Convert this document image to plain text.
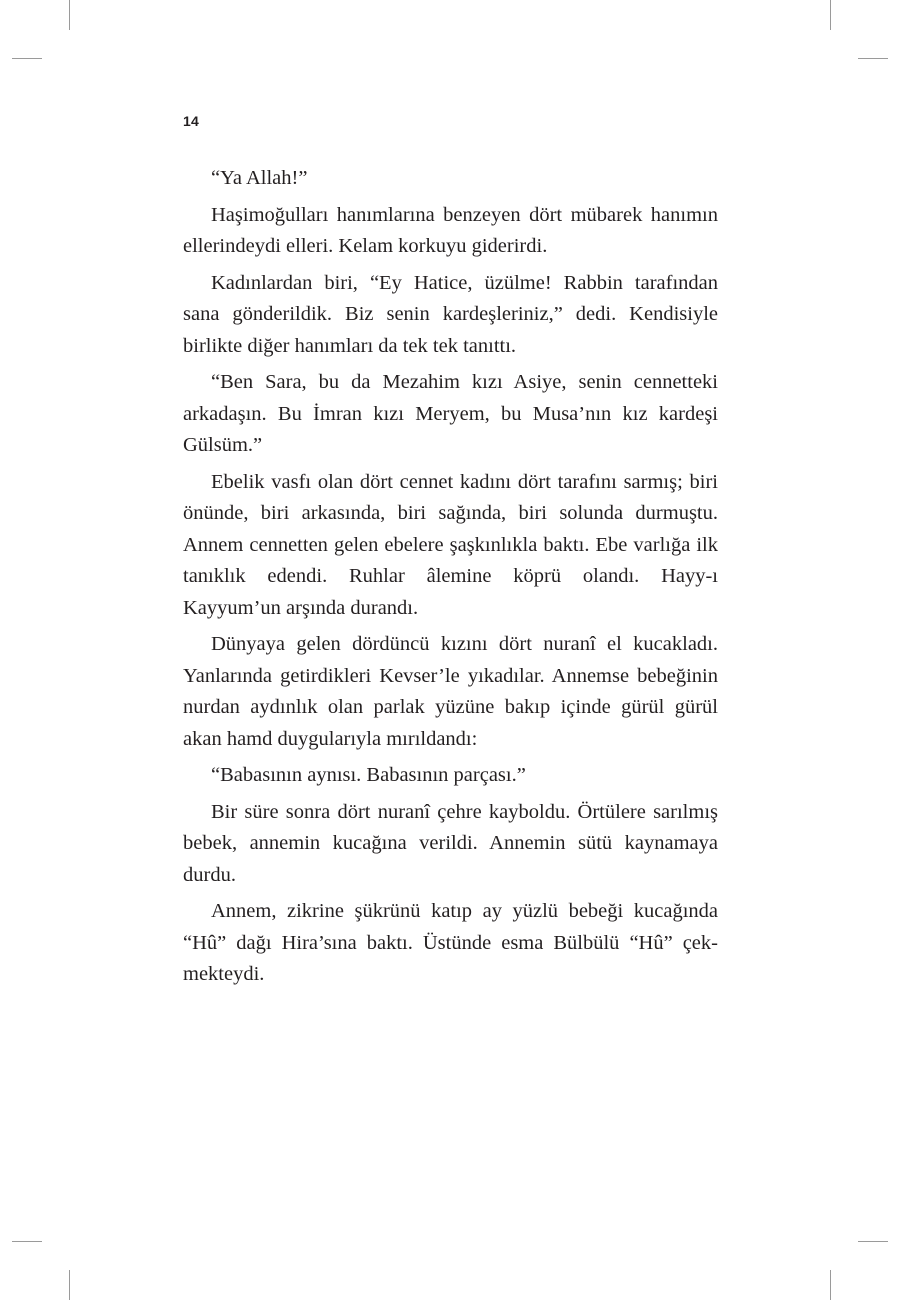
14

“Ya Allah!”

Haşimoğulları hanımlarına benzeyen dört mübarek hanımın ellerindeydi elleri. Kelam korkuyu giderirdi.

Kadınlardan biri, “Ey Hatice, üzülme! Rabbin tarafından sana gönderildik. Biz senin kardeşleriniz,” dedi. Kendisiyle birlikte diğer hanımları da tek tek tanıttı.

“Ben Sara, bu da Mezahim kızı Asiye, senin cennetteki arkadaşın. Bu İmran kızı Meryem, bu Musa’nın kız kardeşi Gülsüm.”

Ebelik vasfı olan dört cennet kadını dört tarafını sarmış; biri önünde, biri arkasında, biri sağında, biri solunda durmuştu. Annem cennetten gelen ebelere şaşkınlıkla baktı. Ebe varlığa ilk tanıklık edendi. Ruhlar âlemine köprü olandı. Hayy-ı Kayyum’un arşında durandı.

Dünyaya gelen dördüncü kızını dört nuranî el kucakladı. Yanlarında getirdikleri Kevser’le yıkadılar. Annemse bebeğinin nurdan aydınlık olan parlak yüzüne bakıp içinde gürül gürül akan hamd duygularıyla mırıldandı:

“Babasının aynısı. Babasının parçası.”

Bir süre sonra dört nuranî çehre kayboldu. Örtülere sarılmış bebek, annemin kucağına verildi. Annemin sütü kaynamaya durdu.

Annem, zikrine şükrünü katıp ay yüzlü bebeği kucağında “Hû” dağı Hira’sına baktı. Üstünde esma Bülbülü “Hû” çekmekteydi.
